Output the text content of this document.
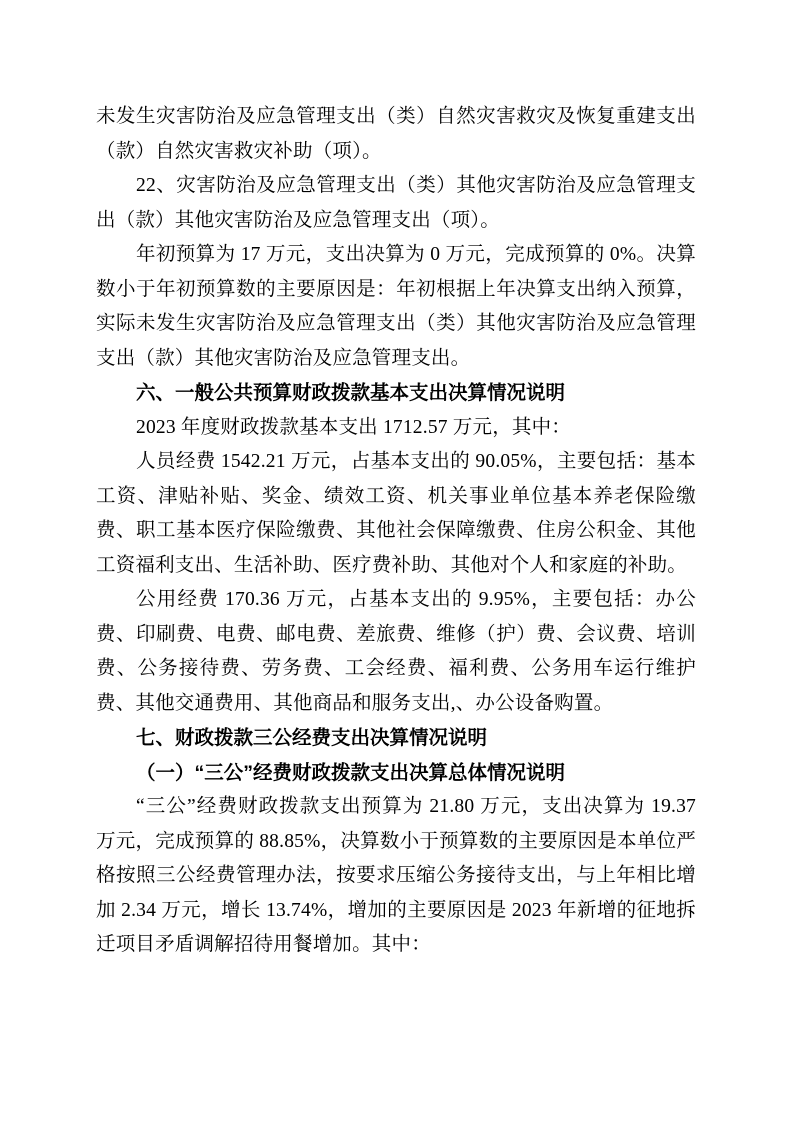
未发生灾害防治及应急管理支出（类）自然灾害救灾及恢复重建支出（款）自然灾害救灾补助（项）。

22、灾害防治及应急管理支出（类）其他灾害防治及应急管理支出（款）其他灾害防治及应急管理支出（项）。

年初预算为 17 万元，支出决算为 0 万元，完成预算的 0%。决算数小于年初预算数的主要原因是：年初根据上年决算支出纳入预算，实际未发生灾害防治及应急管理支出（类）其他灾害防治及应急管理支出（款）其他灾害防治及应急管理支出。

六、一般公共预算财政拨款基本支出决算情况说明

2023 年度财政拨款基本支出 1712.57 万元，其中：

人员经费 1542.21 万元，占基本支出的 90.05%，主要包括：基本工资、津贴补贴、奖金、绩效工资、机关事业单位基本养老保险缴费、职工基本医疗保险缴费、其他社会保障缴费、住房公积金、其他工资福利支出、生活补助、医疗费补助、其他对个人和家庭的补助。

公用经费 170.36 万元，占基本支出的 9.95%，主要包括：办公费、印刷费、电费、邮电费、差旅费、维修（护）费、会议费、培训费、公务接待费、劳务费、工会经费、福利费、公务用车运行维护费、其他交通费用、其他商品和服务支出,、办公设备购置。

七、财政拨款三公经费支出决算情况说明

（一）“三公”经费财政拨款支出决算总体情况说明

“三公”经费财政拨款支出预算为 21.80 万元，支出决算为 19.37 万元，完成预算的 88.85%，决算数小于预算数的主要原因是本单位严格按照三公经费管理办法，按要求压缩公务接待支出，与上年相比增加 2.34 万元，增长 13.74%，增加的主要原因是 2023 年新增的征地拆迁项目矛盾调解招待用餐增加。其中：
